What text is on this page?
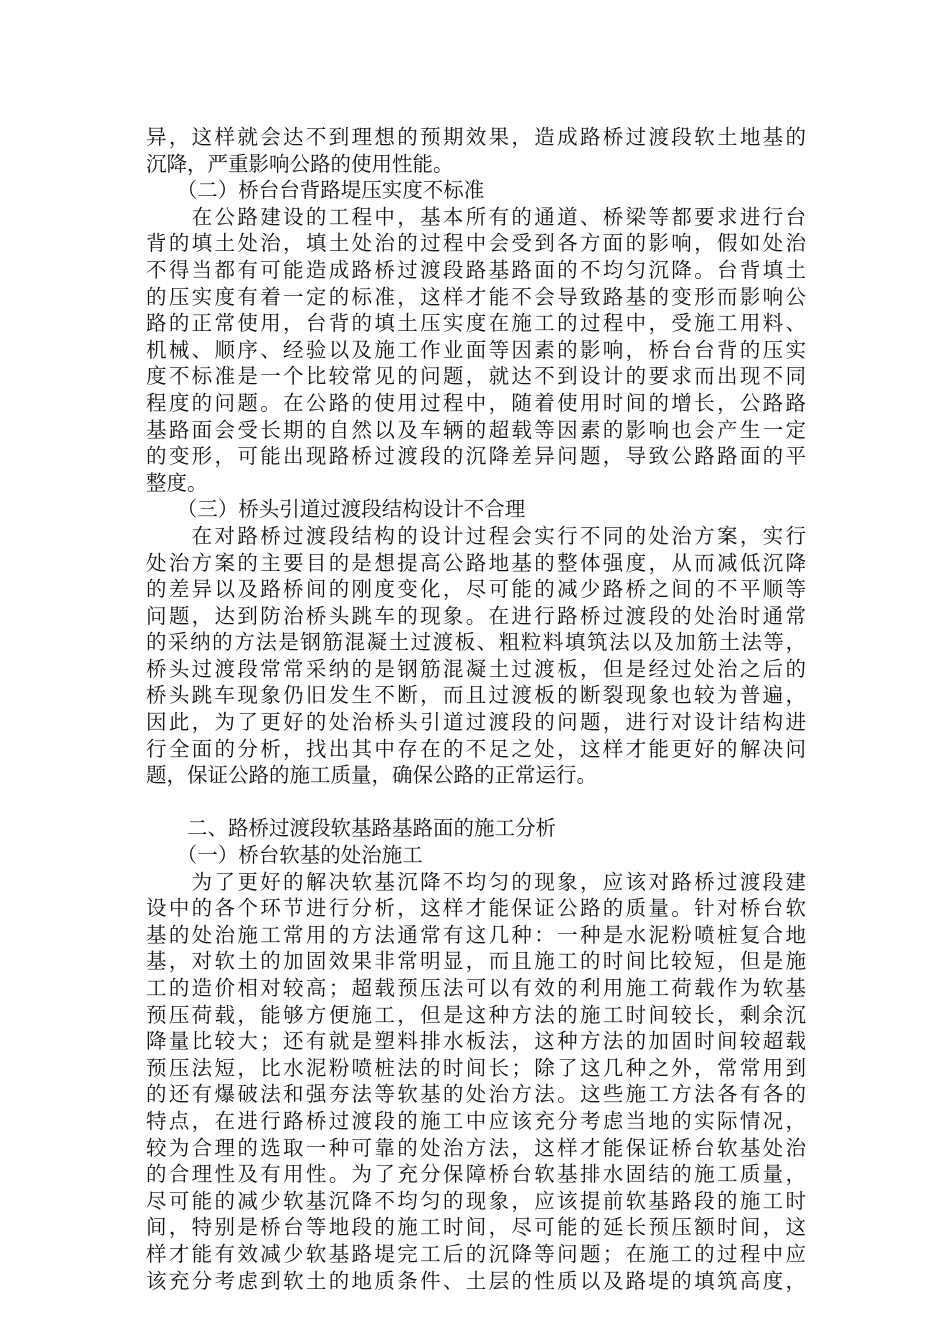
异，这样就会达不到理想的预期效果，造成路桥过渡段软土地基的
沉降，严重影响公路的使用性能。
　　（二）桥台台背路堤压实度不标准
　　在公路建设的工程中，基本所有的通道、桥梁等都要求进行台
背的填土处治，填土处治的过程中会受到各方面的影响，假如处治
不得当都有可能造成路桥过渡段路基路面的不均匀沉降。台背填土
的压实度有着一定的标准，这样才能不会导致路基的变形而影响公
路的正常使用，台背的填土压实度在施工的过程中，受施工用料、
机械、顺序、经验以及施工作业面等因素的影响，桥台台背的压实
度不标准是一个比较常见的问题，就达不到设计的要求而出现不同
程度的问题。在公路的使用过程中，随着使用时间的增长，公路路
基路面会受长期的自然以及车辆的超载等因素的影响也会产生一定
的变形，可能出现路桥过渡段的沉降差异问题，导致公路路面的平
整度。
　　（三）桥头引道过渡段结构设计不合理
　　在对路桥过渡段结构的设计过程会实行不同的处治方案，实行
处治方案的主要目的是想提高公路地基的整体强度，从而减低沉降
的差异以及路桥间的刚度变化，尽可能的减少路桥之间的不平顺等
问题，达到防治桥头跳车的现象。在进行路桥过渡段的处治时通常
的采纳的方法是钢筋混凝土过渡板、粗粒料填筑法以及加筋土法等，
桥头过渡段常常采纳的是钢筋混凝土过渡板，但是经过处治之后的
桥头跳车现象仍旧发生不断，而且过渡板的断裂现象也较为普遍，
因此，为了更好的处治桥头引道过渡段的问题，进行对设计结构进
行全面的分析，找出其中存在的不足之处，这样才能更好的解决问
题，保证公路的施工质量，确保公路的正常运行。
　　二、路桥过渡段软基路基路面的施工分析
　　（一）桥台软基的处治施工
　　为了更好的解决软基沉降不均匀的现象，应该对路桥过渡段建
设中的各个环节进行分析，这样才能保证公路的质量。针对桥台软
基的处治施工常用的方法通常有这几种：一种是水泥粉喷桩复合地
基，对软土的加固效果非常明显，而且施工的时间比较短，但是施
工的造价相对较高；超载预压法可以有效的利用施工荷载作为软基
预压荷载，能够方便施工，但是这种方法的施工时间较长，剩余沉
降量比较大；还有就是塑料排水板法，这种方法的加固时间较超载
预压法短，比水泥粉喷桩法的时间长；除了这几种之外，常常用到
的还有爆破法和强夯法等软基的处治方法。这些施工方法各有各的
特点，在进行路桥过渡段的施工中应该充分考虑当地的实际情况，
较为合理的选取一种可靠的处治方法，这样才能保证桥台软基处治
的合理性及有用性。为了充分保障桥台软基排水固结的施工质量，
尽可能的减少软基沉降不均匀的现象，应该提前软基路段的施工时
间，特别是桥台等地段的施工时间，尽可能的延长预压额时间，这
样才能有效减少软基路堤完工后的沉降等问题；在施工的过程中应
该充分考虑到软土的地质条件、土层的性质以及路堤的填筑高度，
